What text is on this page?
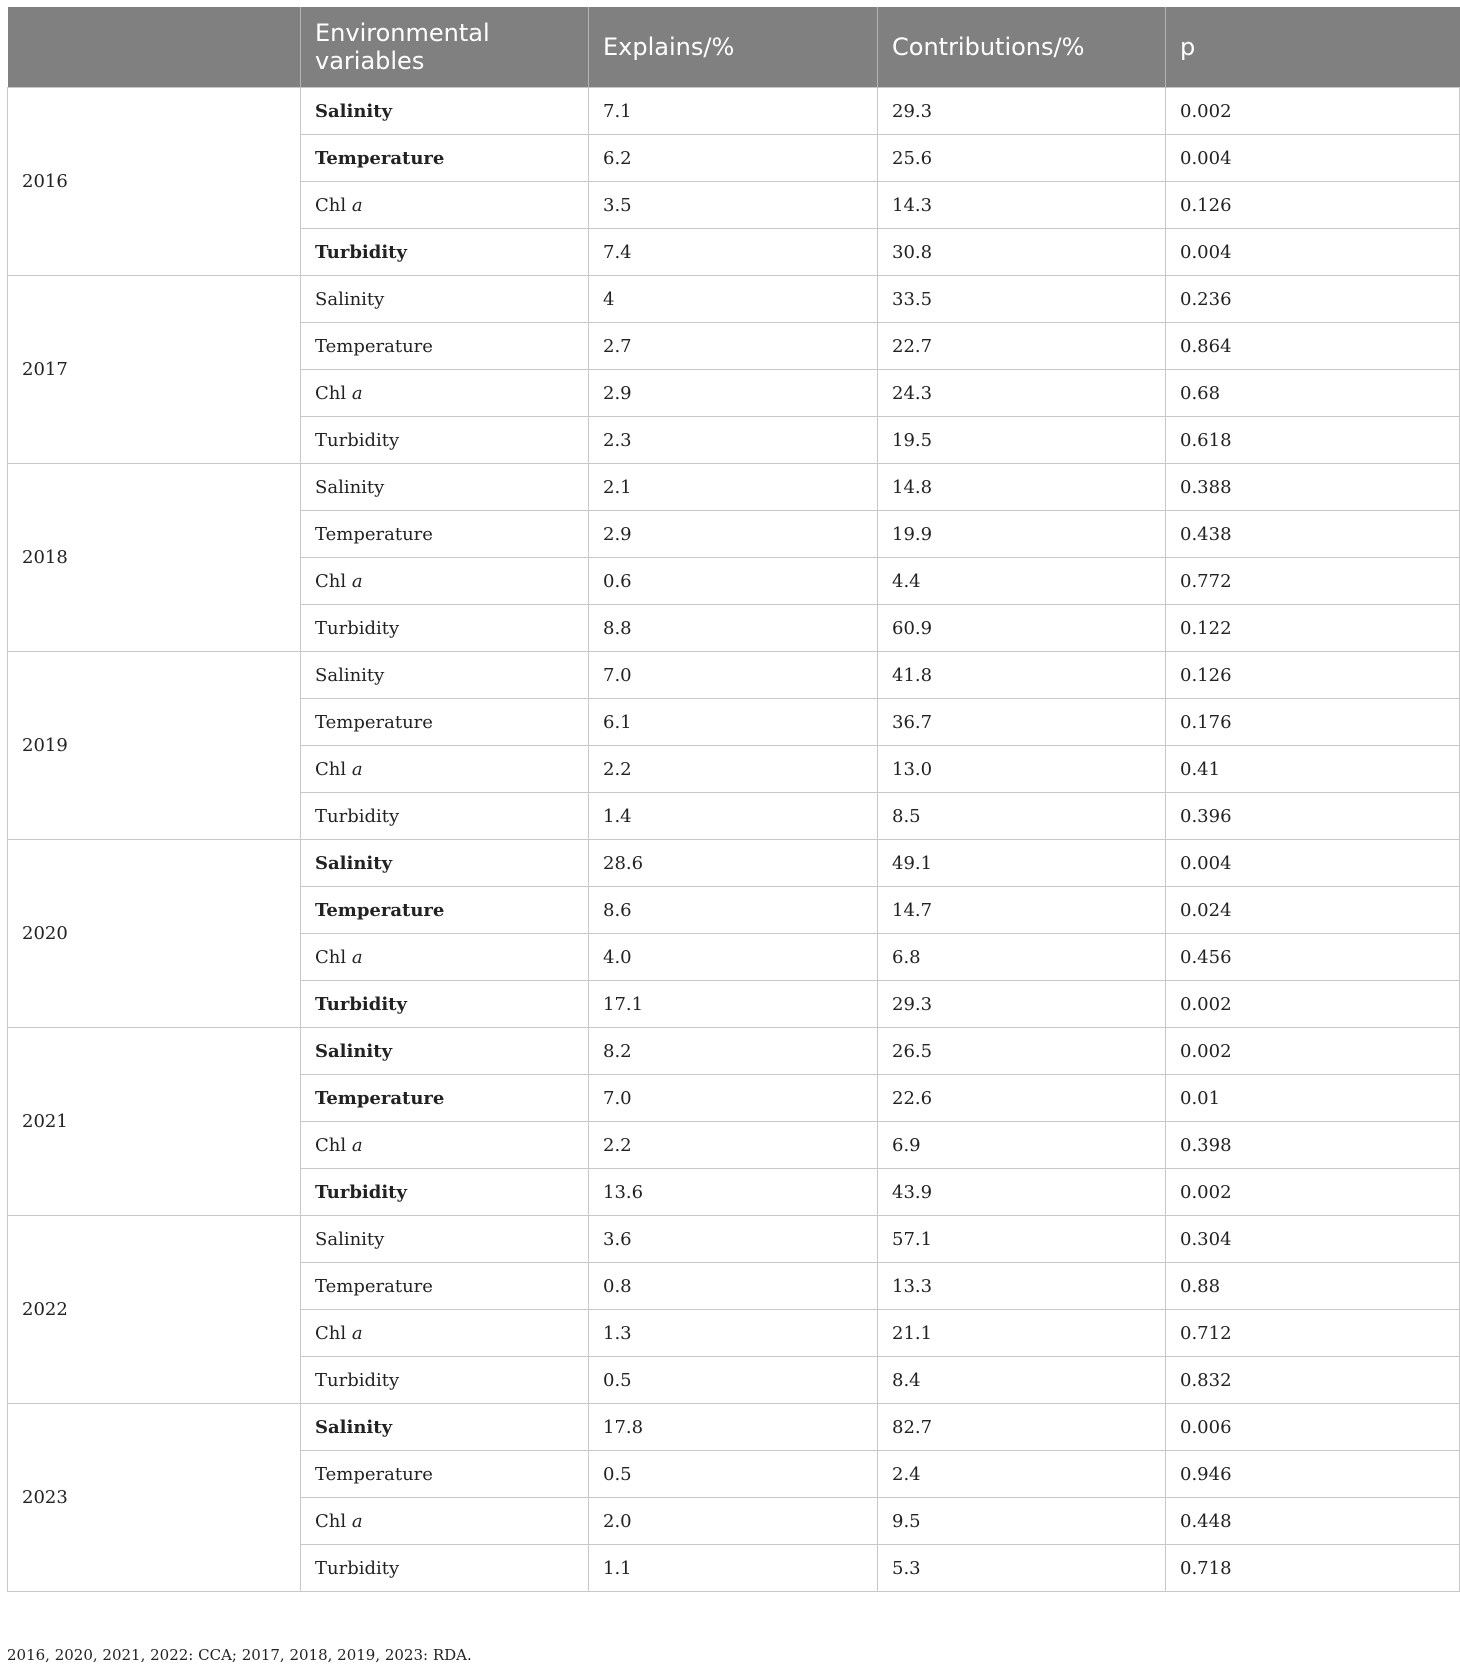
	Environmental variables	Explains/%	Contributions/%	p
2016	Salinity	7.1	29.3	0.002
	Temperature	6.2	25.6	0.004
	Chl a	3.5	14.3	0.126
	Turbidity	7.4	30.8	0.004
2017	Salinity	4	33.5	0.236
	Temperature	2.7	22.7	0.864
	Chl a	2.9	24.3	0.68
	Turbidity	2.3	19.5	0.618
2018	Salinity	2.1	14.8	0.388
	Temperature	2.9	19.9	0.438
	Chl a	0.6	4.4	0.772
	Turbidity	8.8	60.9	0.122
2019	Salinity	7.0	41.8	0.126
	Temperature	6.1	36.7	0.176
	Chl a	2.2	13.0	0.41
	Turbidity	1.4	8.5	0.396
2020	Salinity	28.6	49.1	0.004
	Temperature	8.6	14.7	0.024
	Chl a	4.0	6.8	0.456
	Turbidity	17.1	29.3	0.002
2021	Salinity	8.2	26.5	0.002
	Temperature	7.0	22.6	0.01
	Chl a	2.2	6.9	0.398
	Turbidity	13.6	43.9	0.002
2022	Salinity	3.6	57.1	0.304
	Temperature	0.8	13.3	0.88
	Chl a	1.3	21.1	0.712
	Turbidity	0.5	8.4	0.832
2023	Salinity	17.8	82.7	0.006
	Temperature	0.5	2.4	0.946
	Chl a	2.0	9.5	0.448
	Turbidity	1.1	5.3	0.718
2016, 2020, 2021, 2022: CCA; 2017, 2018, 2019, 2023: RDA.
